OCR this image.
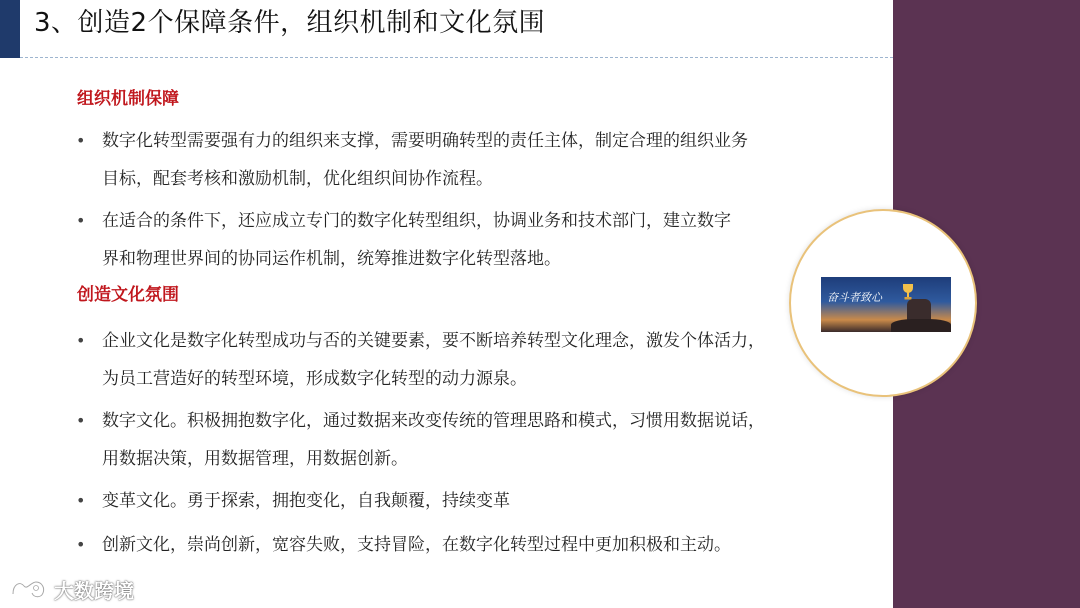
3、创造2个保障条件，组织机制和文化氛围
组织机制保障
• 数字化转型需要强有力的组织来支撑，需要明确转型的责任主体，制定合理的组织业务
目标，配套考核和激励机制，优化组织间协作流程。
• 在适合的条件下，还应成立专门的数字化转型组织，协调业务和技术部门，建立数字
界和物理世界间的协同运作机制，统筹推进数字化转型落地。
创造文化氛围
• 企业文化是数字化转型成功与否的关键要素，要不断培养转型文化理念，激发个体活力，
为员工营造好的转型环境，形成数字化转型的动力源泉。
• 数字文化。积极拥抱数字化，通过数据来改变传统的管理思路和模式，习惯用数据说话，
用数据决策，用数据管理，用数据创新。
• 变革文化。勇于探索，拥抱变化，自我颠覆，持续变革
• 创新文化，崇尚创新，宽容失败，支持冒险，在数字化转型过程中更加积极和主动。
奋斗者致心
大数跨境
